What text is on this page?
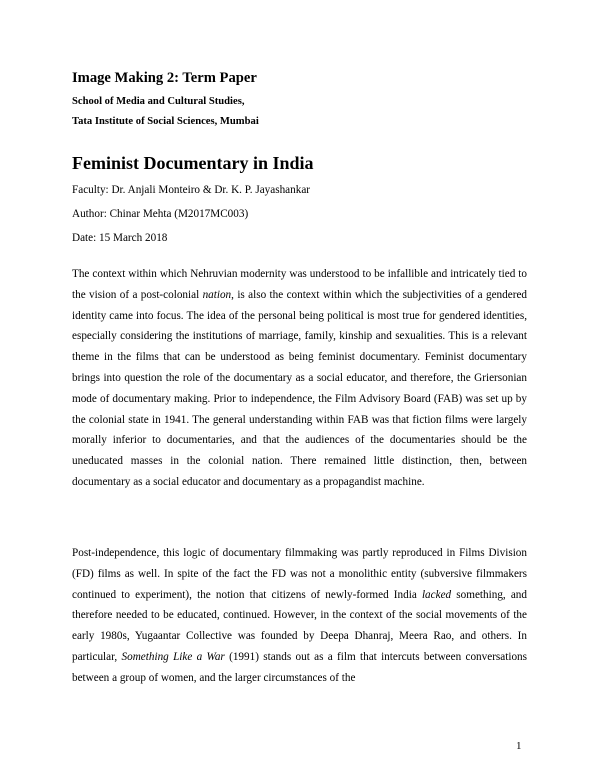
Image Making 2: Term Paper
School of Media and Cultural Studies,
Tata Institute of Social Sciences, Mumbai
Feminist Documentary in India
Faculty: Dr. Anjali Monteiro & Dr. K. P. Jayashankar
Author: Chinar Mehta (M2017MC003)
Date: 15 March 2018
The context within which Nehruvian modernity was understood to be infallible and intricately tied to the vision of a post-colonial nation, is also the context within which the subjectivities of a gendered identity came into focus. The idea of the personal being political is most true for gendered identities, especially considering the institutions of marriage, family, kinship and sexualities. This is a relevant theme in the films that can be understood as being feminist documentary. Feminist documentary brings into question the role of the documentary as a social educator, and therefore, the Griersonian mode of documentary making. Prior to independence, the Film Advisory Board (FAB) was set up by the colonial state in 1941. The general understanding within FAB was that fiction films were largely morally inferior to documentaries, and that the audiences of the documentaries should be the uneducated masses in the colonial nation. There remained little distinction, then, between documentary as a social educator and documentary as a propagandist machine.
Post-independence, this logic of documentary filmmaking was partly reproduced in Films Division (FD) films as well. In spite of the fact the FD was not a monolithic entity (subversive filmmakers continued to experiment), the notion that citizens of newly-formed India lacked something, and therefore needed to be educated, continued. However, in the context of the social movements of the early 1980s, Yugaantar Collective was founded by Deepa Dhanraj, Meera Rao, and others. In particular, Something Like a War (1991) stands out as a film that intercuts between conversations between a group of women, and the larger circumstances of the
1
